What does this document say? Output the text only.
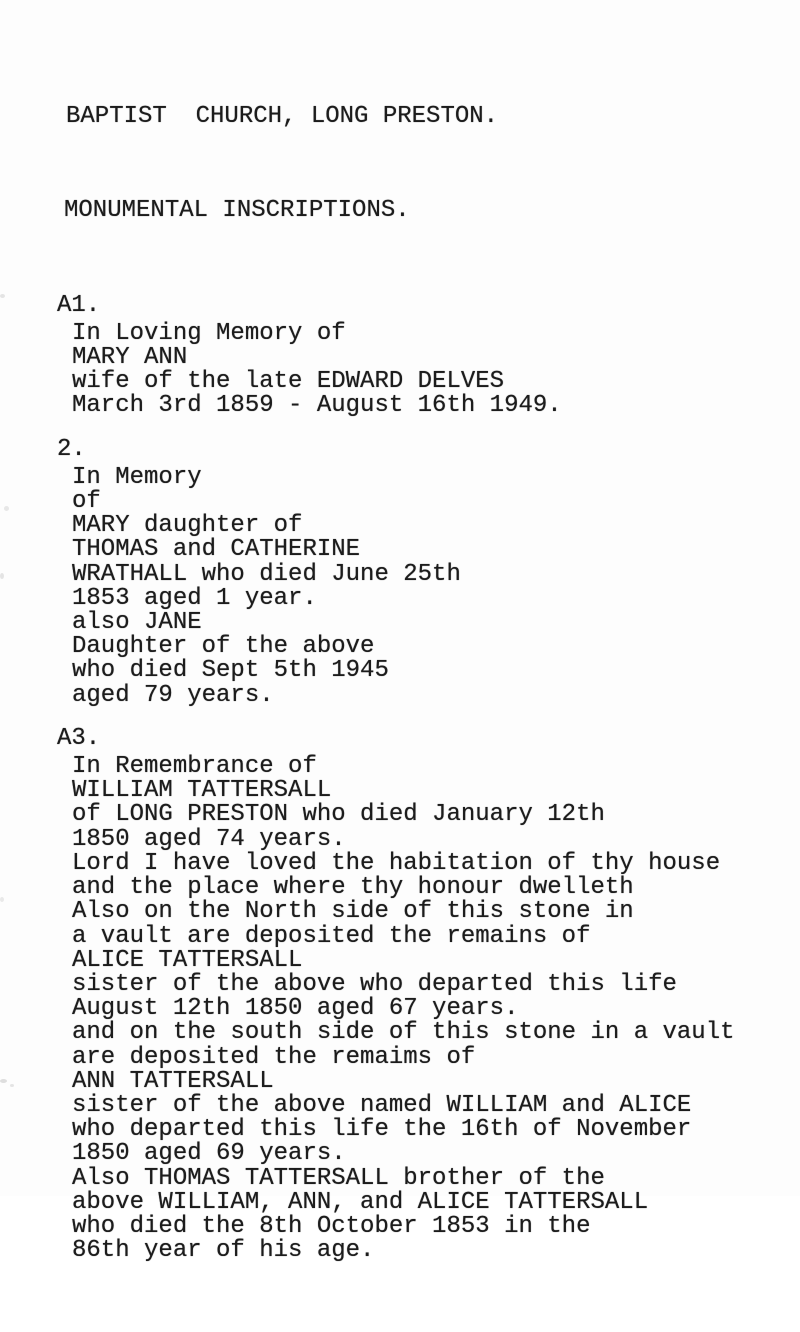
BAPTIST  CHURCH, LONG PRESTON.

MONUMENTAL INSCRIPTIONS.

A1.
In Loving Memory of
MARY ANN
wife of the late EDWARD DELVES
March 3rd 1859 - August 16th 1949.
2.
In Memory
of
MARY daughter of
THOMAS and CATHERINE
WRATHALL who died June 25th
1853 aged 1 year.
also JANE
Daughter of the above
who died Sept 5th 1945
aged 79 years.
A3.
In Remembrance of
WILLIAM TATTERSALL
of LONG PRESTON who died January 12th
1850 aged 74 years.
Lord I have loved the habitation of thy house
and the place where thy honour dwelleth
Also on the North side of this stone in
a vault are deposited the remains of
ALICE TATTERSALL
sister of the above who departed this life
August 12th 1850 aged 67 years.
and on the south side of this stone in a vault
are deposited the remaims of
ANN TATTERSALL
sister of the above named WILLIAM and ALICE
who departed this life the 16th of November
1850 aged 69 years.
Also THOMAS TATTERSALL brother of the
above WILLIAM, ANN, and ALICE TATTERSALL
who died the 8th October 1853 in the
86th year of his age.
